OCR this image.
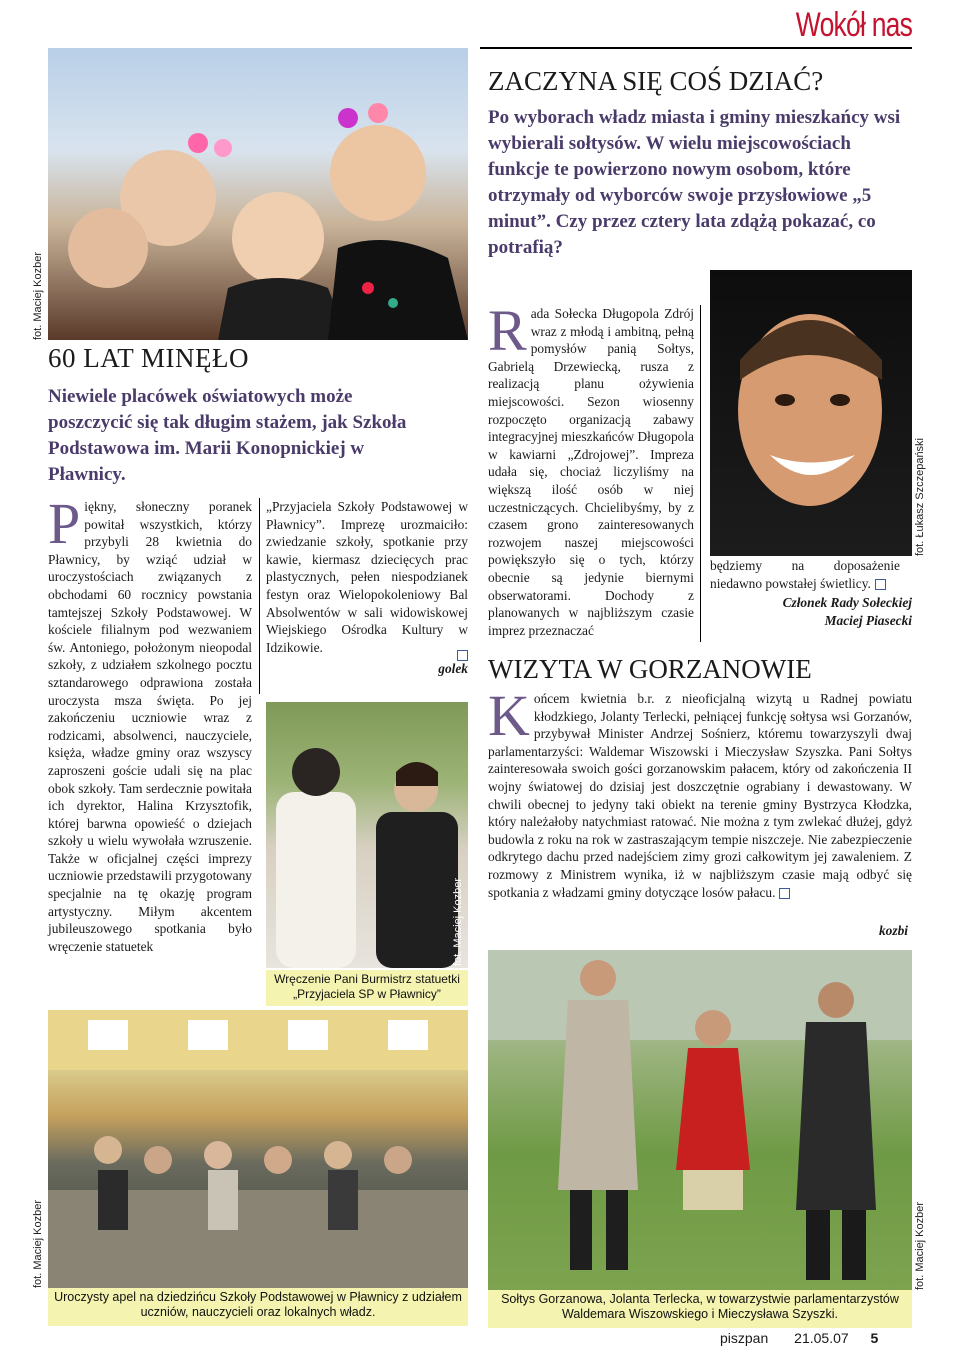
Wokół nas
fot. Maciej Kozber
60 LAT MINĘŁO
Niewiele placówek oświatowych może poszczycić się tak długim stażem, jak Szkoła Podstawowa im. Marii Konopnickiej w Pławnicy.
Piękny, słoneczny poranek powitał wszystkich, którzy przybyli 28 kwietnia do Pławnicy, by wziąć udział w uroczystościach związanych z obchodami 60 rocznicy powstania tamtejszej Szkoły Podstawowej. W kościele filialnym pod wezwaniem św. Antoniego, położonym nieopodal szkoły, z udziałem szkolnego pocztu sztandarowego odprawiona została uroczysta msza święta. Po jej zakończeniu uczniowie wraz z rodzicami, absolwenci, nauczyciele, księża, władze gminy oraz wszyscy zaproszeni goście udali się na plac obok szkoły. Tam serdecznie powitała ich dyrektor, Halina Krzysztofik, której barwna opowieść o dziejach szkoły u wielu wywołała wzruszenie. Także w oficjalnej części imprezy uczniowie przedstawili przygotowany specjalnie na tę okazję program artystyczny. Miłym akcentem jubileuszowego spotkania było wręczenie statuetek
„Przyjaciela Szkoły Podstawowej w Pławnicy”. Imprezę urozmaiciło: zwiedzanie szkoły, spotkanie przy kawie, kiermasz dziecięcych prac plastycznych, pełen niespodzianek festyn oraz Wielopokoleniowy Bal Absolwentów w sali widowiskowej Wiejskiego Ośrodka Kultury w Idzikowie.
golek
fot. Maciej Kozber
Wręczenie Pani Burmistrz statuetki „Przyjaciela SP w Pławnicy”
fot. Maciej Kozber
Uroczysty apel na dziedzińcu Szkoły Podstawowej w Pławnicy z udziałem uczniów, nauczycieli oraz lokalnych władz.
ZACZYNA SIĘ COŚ DZIAĆ?
Po wyborach władz miasta i gminy mieszkańcy wsi wybierali sołtysów. W wielu miejscowościach funkcje te powierzono nowym osobom, które otrzymały od wyborców swoje przysłowiowe „5 minut”. Czy przez cztery lata zdążą pokazać, co potrafią?
Rada Sołecka Długopola Zdrój wraz z młodą i ambitną, pełną pomysłów panią Sołtys, Gabrielą Drzewiecką, rusza z realizacją planu ożywienia miejscowości. Sezon wiosenny rozpoczęto organizacją zabawy integracyjnej mieszkańców Długopola w kawiarni „Zdrojowej”. Impreza udała się, chociaż liczyliśmy na większą ilość osób w niej uczestniczących. Chcielibyśmy, by z czasem grono zainteresowanych rozwojem naszej miejscowości powiększyło się o tych, którzy obecnie są jedynie biernymi obserwatorami. Dochody z planowanych w najbliższym czasie imprez przeznaczać
fot. Łukasz Szczepański
będziemy na doposażenie niedawno powstałej świetlicy.
Członek Rady Sołeckiej
Maciej Piasecki
WIZYTA W GORZANOWIE
Końcem kwietnia b.r. z nieoficjalną wizytą u Radnej powiatu kłodzkiego, Jolanty Terlecki, pełniącej funkcję sołtysa wsi Gorzanów, przybywał Minister Andrzej Sośnierz, któremu towarzyszyli dwaj parlamentarzyści: Waldemar Wiszowski i Mieczysław Szyszka. Pani Sołtys zainteresowała swoich gości gorzanowskim pałacem, który od zakończenia II wojny światowej do dzisiaj jest doszczętnie ograbiany i dewastowany. W chwili obecnej to jedyny taki obiekt na terenie gminy Bystrzyca Kłodzka, który należałoby natychmiast ratować. Nie można z tym zwlekać dłużej, gdyż budowla z roku na rok w zastraszającym tempie niszczeje. Nie zabezpieczenie odkrytego dachu przed nadejściem zimy grozi całkowitym jej zawaleniem. Z rozmowy z Ministrem wynika, iż w najbliższym czasie mają odbyć się spotkania z władzami gminy dotyczące losów pałacu.
kozbi
fot. Maciej Kozber
Sołtys Gorzanowa, Jolanta Terlecka, w towarzystwie parlamentarzystów Waldemara Wiszowskiego i Mieczysława Szyszki.
piszpan 21.05.07 5
